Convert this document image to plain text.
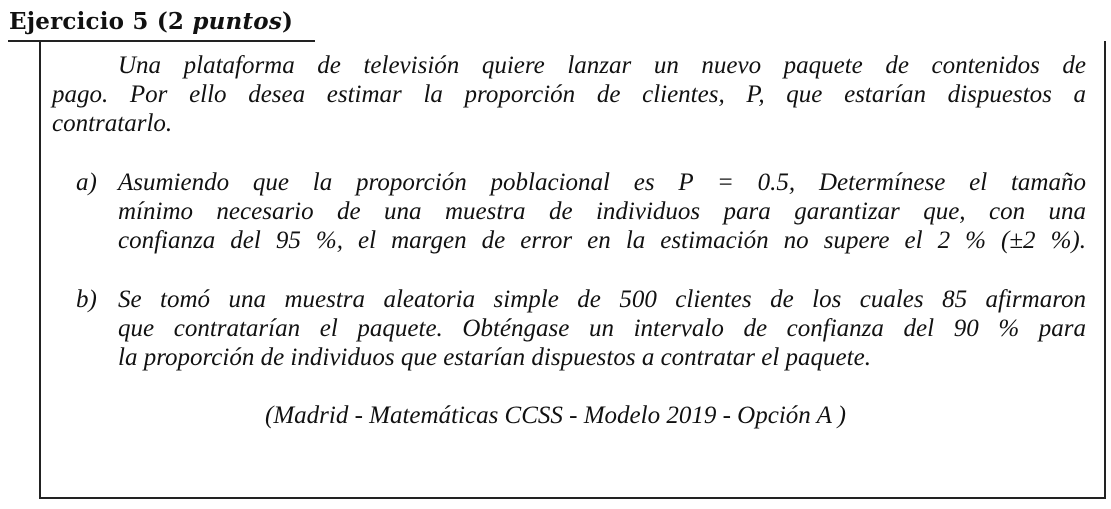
Ejercicio 5 (2 puntos)
Una plataforma de televisión quiere lanzar un nuevo paquete de contenidos de
pago. Por ello desea estimar la proporción de clientes, P, que estarían dispuestos a
contratarlo.
a) Asumiendo que la proporción poblacional es P = 0.5, Determínese el tamaño
mínimo necesario de una muestra de individuos para garantizar que, con una
confianza del 95 %, el margen de error en la estimación no supere el 2 % (±2 %).
b) Se tomó una muestra aleatoria simple de 500 clientes de los cuales 85 afirmaron
que contratarían el paquete. Obténgase un intervalo de confianza del 90 % para
la proporción de individuos que estarían dispuestos a contratar el paquete.
(Madrid - Matemáticas CCSS - Modelo 2019 - Opción A )
